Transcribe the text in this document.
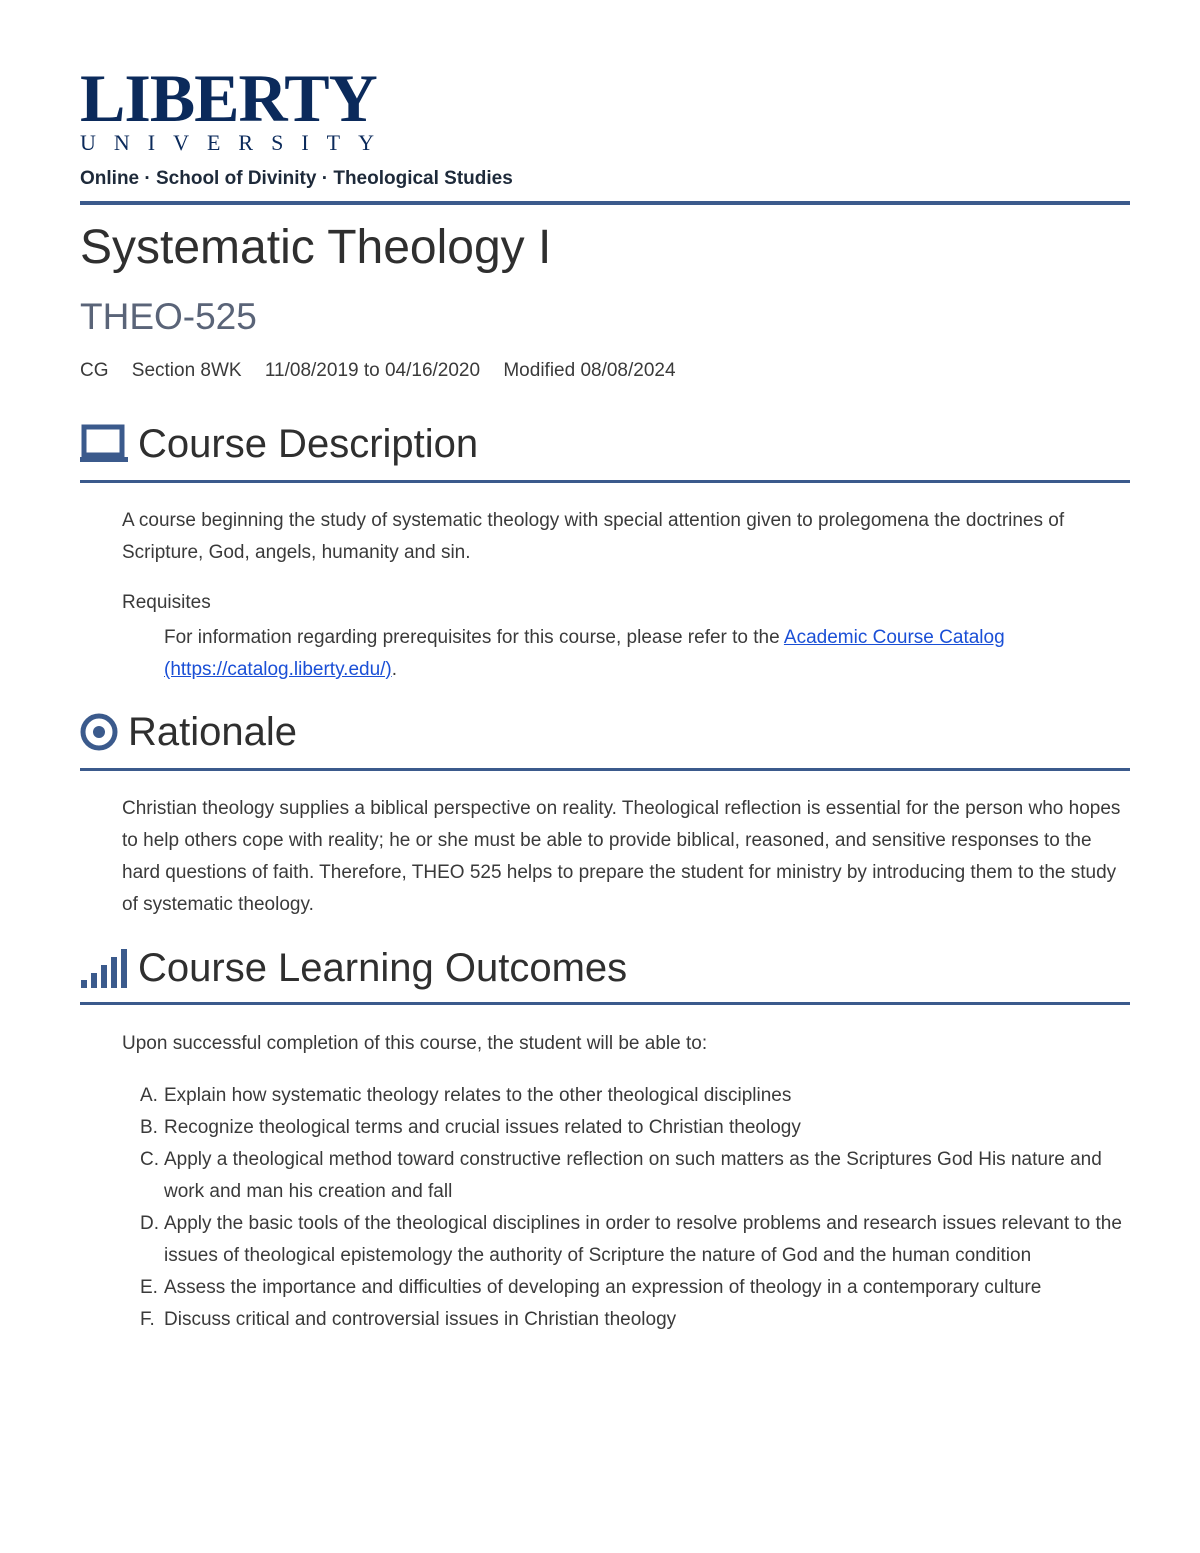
LIBERTY
UNIVERSITY
Online · School of Divinity · Theological Studies
Systematic Theology I
THEO-525
CG Section 8WK 11/08/2019 to 04/16/2020 Modified 08/08/2024
Course Description
A course beginning the study of systematic theology with special attention given to prolegomena the doctrines of Scripture, God, angels, humanity and sin.
Requisites
For information regarding prerequisites for this course, please refer to the Academic Course Catalog (https://catalog.liberty.edu/).
Rationale
Christian theology supplies a biblical perspective on reality. Theological reflection is essential for the person who hopes to help others cope with reality; he or she must be able to provide biblical, reasoned, and sensitive responses to the hard questions of faith. Therefore, THEO 525 helps to prepare the student for ministry by introducing them to the study of systematic theology.
Course Learning Outcomes
Upon successful completion of this course, the student will be able to:
A. Explain how systematic theology relates to the other theological disciplines
B. Recognize theological terms and crucial issues related to Christian theology
C. Apply a theological method toward constructive reflection on such matters as the Scriptures God His nature and work and man his creation and fall
D. Apply the basic tools of the theological disciplines in order to resolve problems and research issues relevant to the issues of theological epistemology the authority of Scripture the nature of God and the human condition
E. Assess the importance and difficulties of developing an expression of theology in a contemporary culture
F. Discuss critical and controversial issues in Christian theology
